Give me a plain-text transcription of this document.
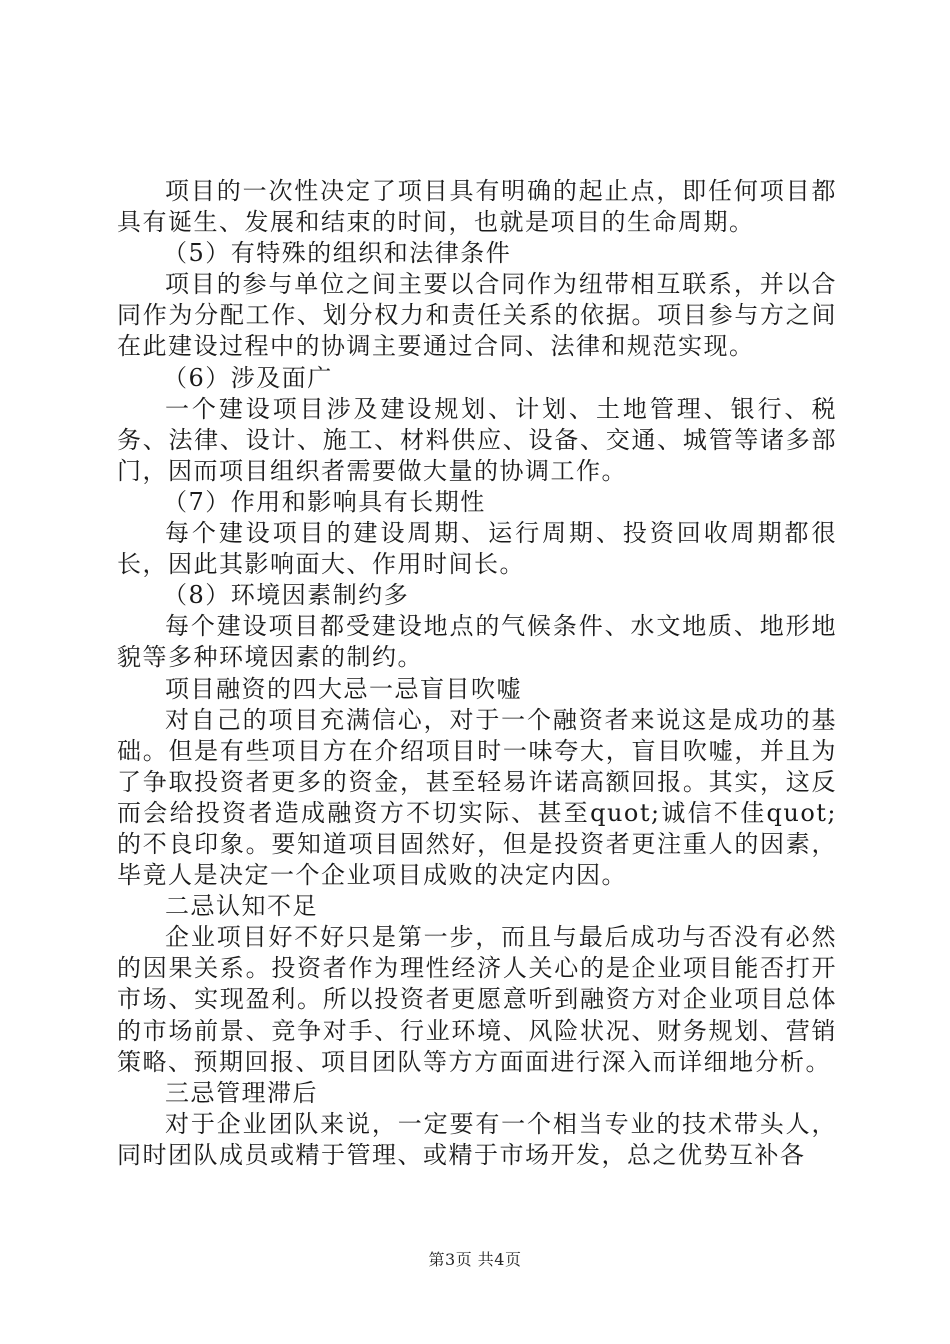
项目的一次性决定了项目具有明确的起止点，即任何项目都具有诞生、发展和结束的时间，也就是项目的生命周期。

（5）有特殊的组织和法律条件

项目的参与单位之间主要以合同作为纽带相互联系，并以合同作为分配工作、划分权力和责任关系的依据。项目参与方之间在此建设过程中的协调主要通过合同、法律和规范实现。

（6）涉及面广

一个建设项目涉及建设规划、计划、土地管理、银行、税务、法律、设计、施工、材料供应、设备、交通、城管等诸多部门，因而项目组织者需要做大量的协调工作。

（7）作用和影响具有长期性

每个建设项目的建设周期、运行周期、投资回收周期都很长，因此其影响面大、作用时间长。

（8）环境因素制约多

每个建设项目都受建设地点的气候条件、水文地质、地形地貌等多种环境因素的制约。

项目融资的四大忌一忌盲目吹嘘

对自己的项目充满信心，对于一个融资者来说这是成功的基础。但是有些项目方在介绍项目时一味夸大，盲目吹嘘，并且为了争取投资者更多的资金，甚至轻易许诺高额回报。其实，这反而会给投资者造成融资方不切实际、甚至quot;诚信不佳quot;的不良印象。要知道项目固然好，但是投资者更注重人的因素，毕竟人是决定一个企业项目成败的决定内因。

二忌认知不足

企业项目好不好只是第一步，而且与最后成功与否没有必然的因果关系。投资者作为理性经济人关心的是企业项目能否打开市场、实现盈利。所以投资者更愿意听到融资方对企业项目总体的市场前景、竞争对手、行业环境、风险状况、财务规划、营销策略、预期回报、项目团队等方方面面进行深入而详细地分析。

三忌管理滞后

对于企业团队来说，一定要有一个相当专业的技术带头人，同时团队成员或精于管理、或精于市场开发，总之优势互补各

第3页 共4页
